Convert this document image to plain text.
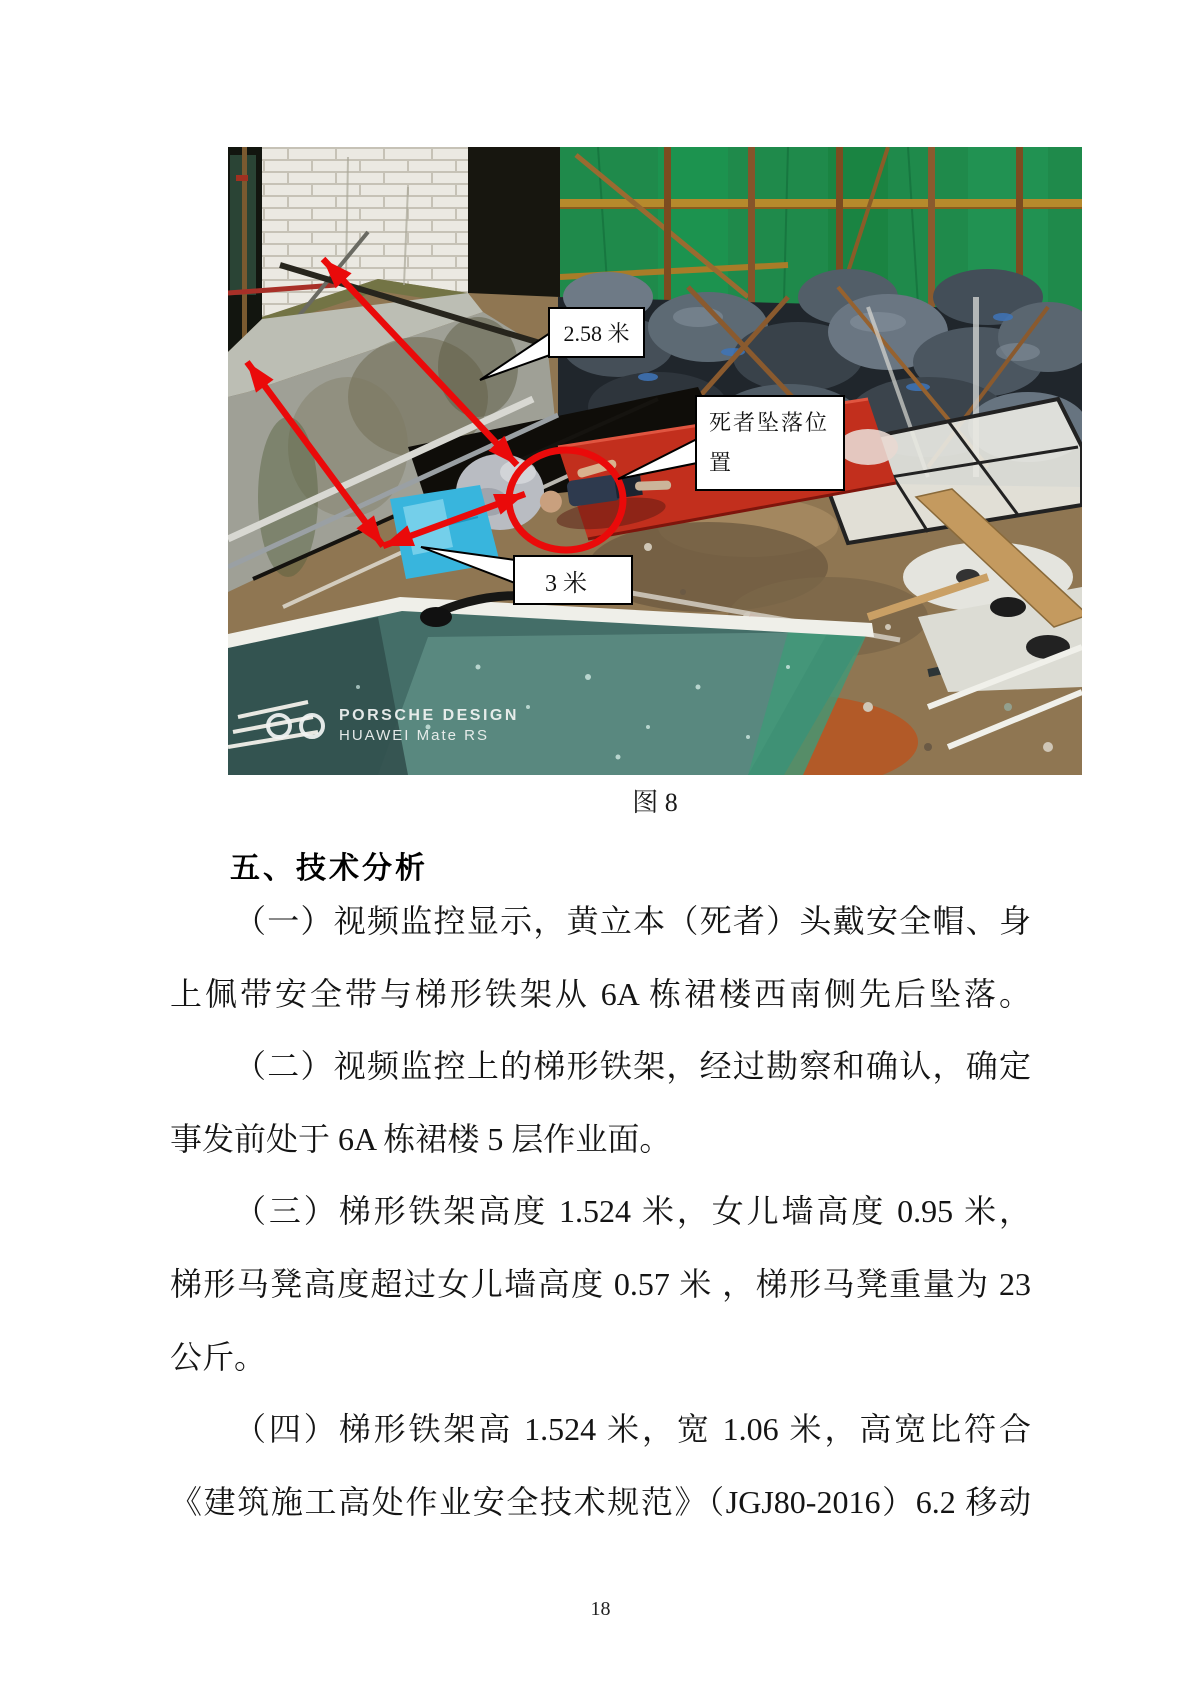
2.58 米
死者坠落位置
3 米
PORSCHE DESIGN
HUAWEI Mate RS
图 8
五、技术分析
（一）视频监控显示，黄立本（死者）头戴安全帽、身
上佩带安全带与梯形铁架从 6A 栋裙楼西南侧先后坠落。
（二）视频监控上的梯形铁架，经过勘察和确认，确定
事发前处于 6A 栋裙楼 5 层作业面。
（三）梯形铁架高度 1.524 米，女儿墙高度 0.95 米，
梯形马凳高度超过女儿墙高度 0.57 米 ，梯形马凳重量为 23
公斤。
（四）梯形铁架高 1.524 米，宽 1.06 米，高宽比符合
《建筑施工高处作业安全技术规范》（JGJ80-2016）6.2 移动
18
